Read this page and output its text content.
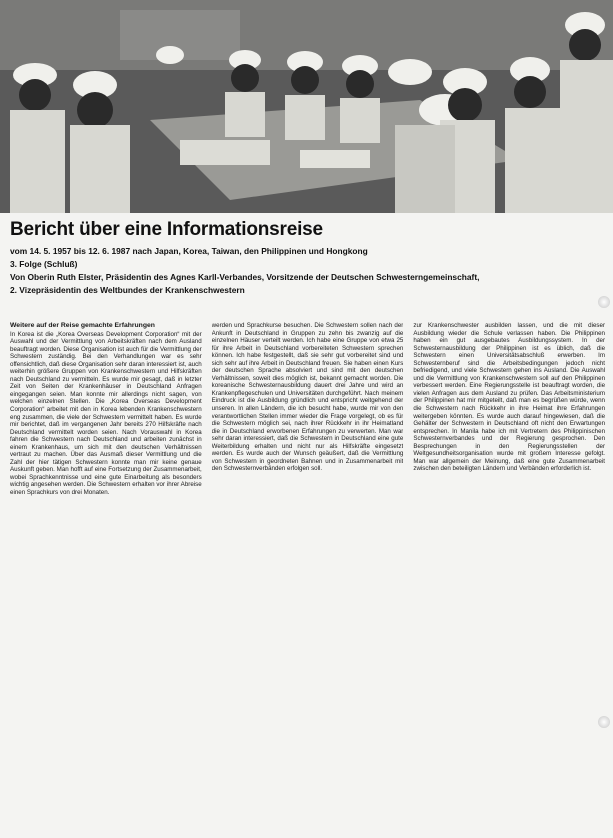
Bericht über eine Informationsreise
vom 14. 5. 1957 bis 12. 6. 1987 nach Japan, Korea, Taiwan, den Philippinen und Hongkong
3. Folge (Schluß)
Von Oberin Ruth Elster, Präsidentin des Agnes Karll-Verbandes, Vorsitzende der Deutschen Schwesterngemeinschaft,
2. Vizepräsidentin des Weltbundes der Krankenschwestern

Weitere auf der Reise gemachte Erfahrungen

In Korea ist die „Korea Overseas Development Corporation“ mit der Auswahl und der Vermittlung von Arbeitskräften nach dem Ausland beauftragt worden. Diese Organisation ist auch für die Vermittlung der Schwestern zuständig. Bei den Verhandlungen war es sehr offensichtlich, daß diese Organisation sehr daran interessiert ist, auch weiterhin größere Gruppen von Krankenschwestern und Hilfskräften nach Deutschland zu vermitteln. Es wurde mir gesagt, daß in letzter Zeit von Seiten der Krankenhäuser in Deutschland Anfragen eingegangen seien. Man konnte mir allerdings nicht sagen, von welchen einzelnen Stellen. Die „Korea Overseas Development Corporation“ arbeitet mit den in Korea lebenden Krankenschwestern eng zusammen, die viele der Schwestern vermittelt haben. Es wurde mir berichtet, daß im vergangenen Jahr bereits 270 Hilfskräfte nach Deutschland vermittelt worden seien. Nach Vorauswahl in Korea fahren die Schwestern nach Deutschland und arbeiten zunächst in einem Krankenhaus, um sich mit den deutschen Verhältnissen vertraut zu machen. Über das Ausmaß dieser Vermittlung und die Zahl der hier tätigen Schwestern konnte man mir keine genaue Auskunft geben. Man hofft auf eine Fortsetzung der Zusammenarbeit, wobei Sprachkenntnisse und eine gute Einarbeitung als besonders wichtig angesehen werden. Die Schwestern erhalten vor ihrer Abreise einen Sprachkurs von drei Monaten.

werden und Sprachkurse besuchen. Die Schwestern sollen nach der Ankunft in Deutschland in Gruppen zu zehn bis zwanzig auf die einzelnen Häuser verteilt werden. Ich habe eine Gruppe von etwa 25 für ihre Arbeit in Deutschland vorbereiteten Schwestern sprechen können. Ich habe festgestellt, daß sie sehr gut vorbereitet sind und sich sehr auf ihre Arbeit in Deutschland freuen. Sie haben einen Kurs der deutschen Sprache absolviert und sind mit den deutschen Verhältnissen, soweit dies möglich ist, bekannt gemacht worden. Die koreanische Schwesternausbildung dauert drei Jahre und wird an Krankenpflegeschulen und Universitäten durchgeführt. Nach meinem Eindruck ist die Ausbildung gründlich und entspricht weitgehend der unseren. In allen Ländern, die ich besucht habe, wurde mir von den verantwortlichen Stellen immer wieder die Frage vorgelegt, ob es für die Schwestern möglich sei, nach ihrer Rückkehr in ihr Heimatland die in Deutschland erworbenen Erfahrungen zu verwerten. Man war sehr daran interessiert, daß die Schwestern in Deutschland eine gute Weiterbildung erhalten und nicht nur als Hilfskräfte eingesetzt werden. Es wurde auch der Wunsch geäußert, daß die Vermittlung von Schwestern in geordneten Bahnen und in Zusammenarbeit mit den Schwesternverbänden erfolgen soll.

zur Krankenschwester ausbilden lassen, und die mit dieser Ausbildung wieder die Schule verlassen haben. Die Philippinen haben ein gut ausgebautes Ausbildungssystem. In der Schwesternausbildung der Philippinen ist es üblich, daß die Schwestern einen Universitätsabschluß erwerben. Im Schwesternberuf sind die Arbeitsbedingungen jedoch nicht befriedigend, und viele Schwestern gehen ins Ausland. Die Auswahl und die Vermittlung von Krankenschwestern soll auf den Philippinen verbessert werden. Eine Regierungsstelle ist beauftragt worden, die vielen Anfragen aus dem Ausland zu prüfen. Das Arbeitsministerium der Philippinen hat mir mitgeteilt, daß man es begrüßen würde, wenn die Schwestern nach Rückkehr in ihre Heimat ihre Erfahrungen weitergeben könnten. Es wurde auch darauf hingewiesen, daß die Gehälter der Schwestern in Deutschland oft nicht den Erwartungen entsprechen. In Manila habe ich mit Vertretern des Philippinischen Schwesternverbandes und der Regierung gesprochen. Den Besprechungen in den Regierungsstellen der Weltgesundheitsorganisation wurde mit großem Interesse gefolgt. Man war allgemein der Meinung, daß eine gute Zusammenarbeit zwischen den beteiligten Ländern und Verbänden erforderlich ist.
